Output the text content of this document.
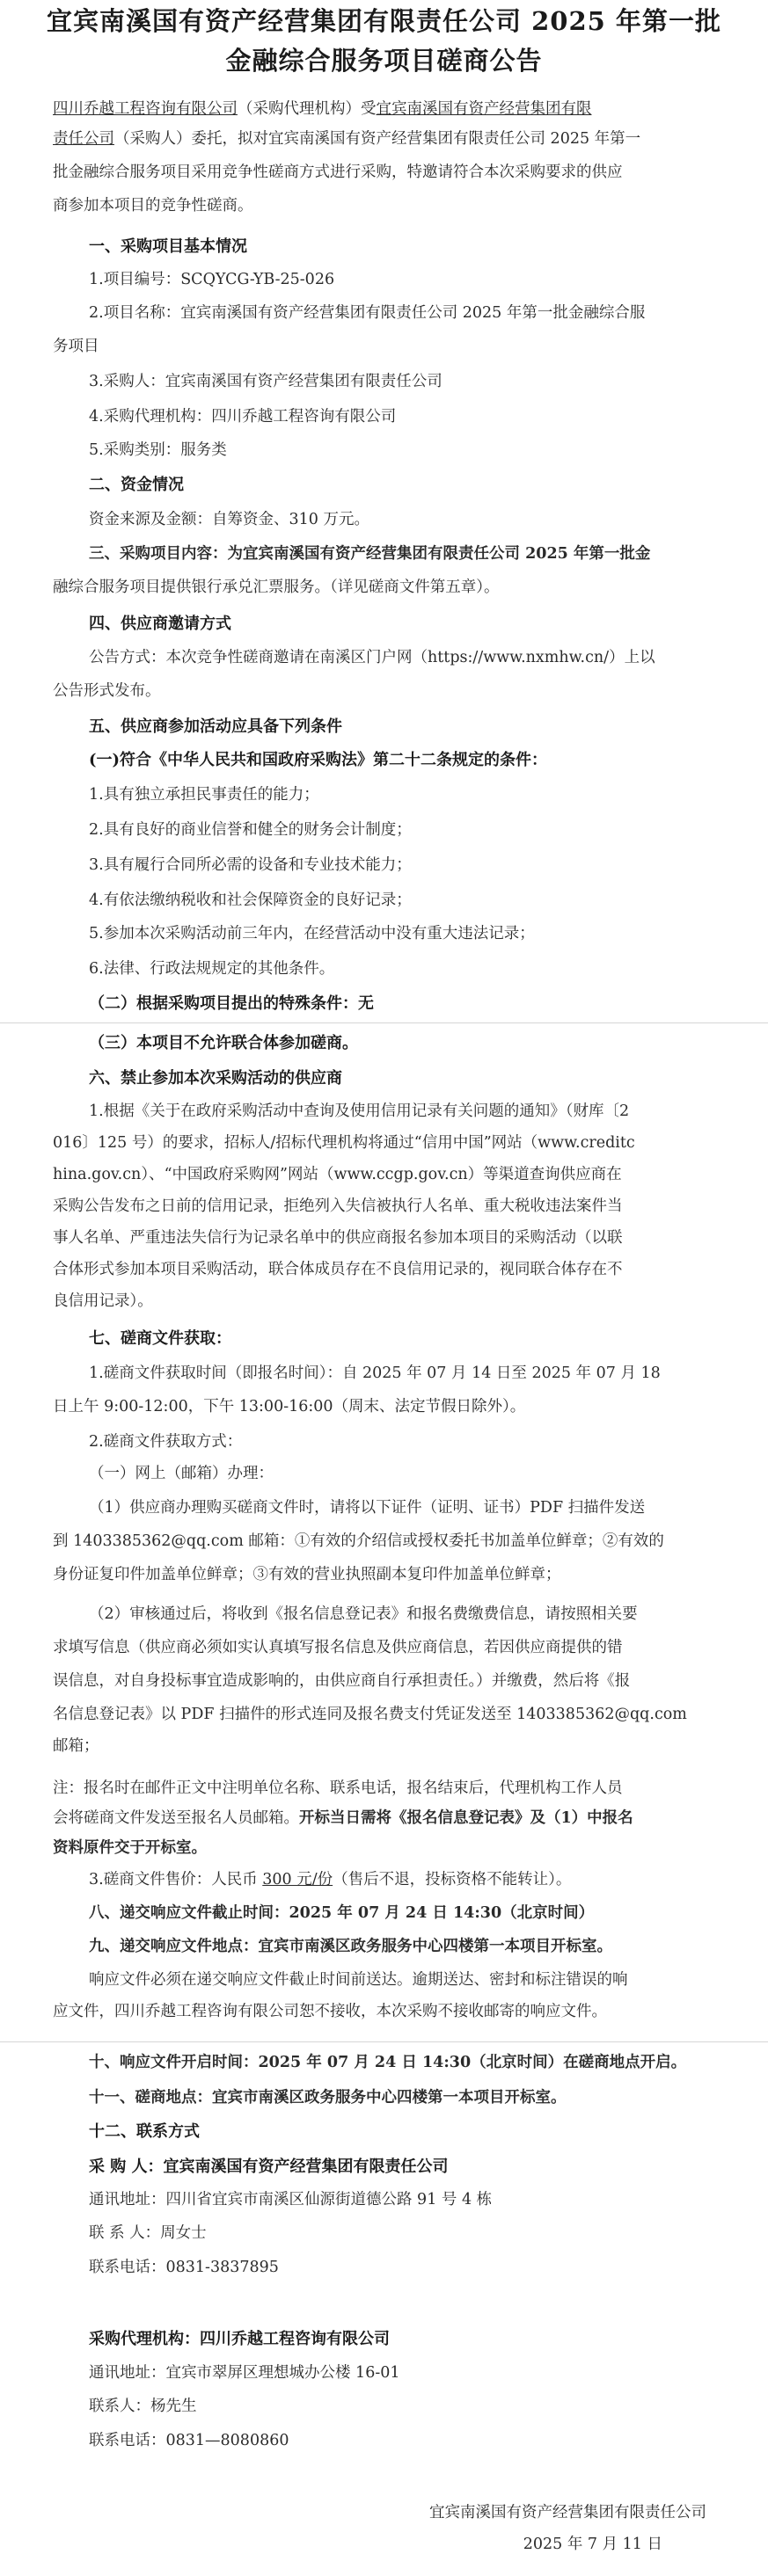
宜宾南溪国有资产经营集团有限责任公司 2025 年第一批
金融综合服务项目磋商公告
四川乔越工程咨询有限公司（采购代理机构）受宜宾南溪国有资产经营集团有限
责任公司（采购人）委托，拟对宜宾南溪国有资产经营集团有限责任公司 2025 年第一
批金融综合服务项目采用竞争性磋商方式进行采购，特邀请符合本次采购要求的供应
商参加本项目的竞争性磋商。
一、采购项目基本情况
1.项目编号：SCQYCG-YB-25-026
2.项目名称：宜宾南溪国有资产经营集团有限责任公司 2025 年第一批金融综合服
务项目
3.采购人：宜宾南溪国有资产经营集团有限责任公司
4.采购代理机构：四川乔越工程咨询有限公司
5.采购类别：服务类
二、资金情况
资金来源及金额：自筹资金、310 万元。
三、采购项目内容：为宜宾南溪国有资产经营集团有限责任公司 2025 年第一批金
融综合服务项目提供银行承兑汇票服务。（详见磋商文件第五章）。
四、供应商邀请方式
公告方式：本次竞争性磋商邀请在南溪区门户网（https://www.nxmhw.cn/）上以
公告形式发布。
五、供应商参加活动应具备下列条件
(一)符合《中华人民共和国政府采购法》第二十二条规定的条件：
1.具有独立承担民事责任的能力；
2.具有良好的商业信誉和健全的财务会计制度；
3.具有履行合同所必需的设备和专业技术能力；
4.有依法缴纳税收和社会保障资金的良好记录；
5.参加本次采购活动前三年内，在经营活动中没有重大违法记录；
6.法律、行政法规规定的其他条件。
（二）根据采购项目提出的特殊条件：无
（三）本项目不允许联合体参加磋商。
六、禁止参加本次采购活动的供应商
1.根据《关于在政府采购活动中查询及使用信用记录有关问题的通知》（财库〔2
016〕125 号）的要求，招标人/招标代理机构将通过“信用中国”网站（www.creditc
hina.gov.cn）、“中国政府采购网”网站（www.ccgp.gov.cn）等渠道查询供应商在
采购公告发布之日前的信用记录，拒绝列入失信被执行人名单、重大税收违法案件当
事人名单、严重违法失信行为记录名单中的供应商报名参加本项目的采购活动（以联
合体形式参加本项目采购活动，联合体成员存在不良信用记录的，视同联合体存在不
良信用记录）。
七、磋商文件获取：
1.磋商文件获取时间（即报名时间）：自 2025 年 07 月 14 日至 2025 年 07 月 18
日上午 9:00-12:00，下午 13:00-16:00（周末、法定节假日除外）。
2.磋商文件获取方式：
（一）网上（邮箱）办理：
（1）供应商办理购买磋商文件时，请将以下证件（证明、证书）PDF 扫描件发送
到 1403385362@qq.com 邮箱：①有效的介绍信或授权委托书加盖单位鲜章；②有效的
身份证复印件加盖单位鲜章；③有效的营业执照副本复印件加盖单位鲜章；
（2）审核通过后，将收到《报名信息登记表》和报名费缴费信息，请按照相关要
求填写信息（供应商必须如实认真填写报名信息及供应商信息，若因供应商提供的错
误信息，对自身投标事宜造成影响的，由供应商自行承担责任。）并缴费，然后将《报
名信息登记表》以 PDF 扫描件的形式连同及报名费支付凭证发送至 1403385362@qq.com
邮箱；
注：报名时在邮件正文中注明单位名称、联系电话，报名结束后，代理机构工作人员
会将磋商文件发送至报名人员邮箱。开标当日需将《报名信息登记表》及（1）中报名
资料原件交于开标室。
3.磋商文件售价：人民币 300 元/份（售后不退，投标资格不能转让）。
八、递交响应文件截止时间：2025 年 07 月 24 日 14:30（北京时间）
九、递交响应文件地点：宜宾市南溪区政务服务中心四楼第一本项目开标室。
响应文件必须在递交响应文件截止时间前送达。逾期送达、密封和标注错误的响
应文件，四川乔越工程咨询有限公司恕不接收，本次采购不接收邮寄的响应文件。
十、响应文件开启时间：2025 年 07 月 24 日 14:30（北京时间）在磋商地点开启。
十一、磋商地点：宜宾市南溪区政务服务中心四楼第一本项目开标室。
十二、联系方式
采 购 人：宜宾南溪国有资产经营集团有限责任公司
通讯地址：四川省宜宾市南溪区仙源街道德公路 91 号 4 栋
联 系 人：周女士
联系电话：0831-3837895
采购代理机构：四川乔越工程咨询有限公司
通讯地址：宜宾市翠屏区理想城办公楼 16-01
联系人：杨先生
联系电话：0831—8080860
宜宾南溪国有资产经营集团有限责任公司
2025 年 7 月 11 日
